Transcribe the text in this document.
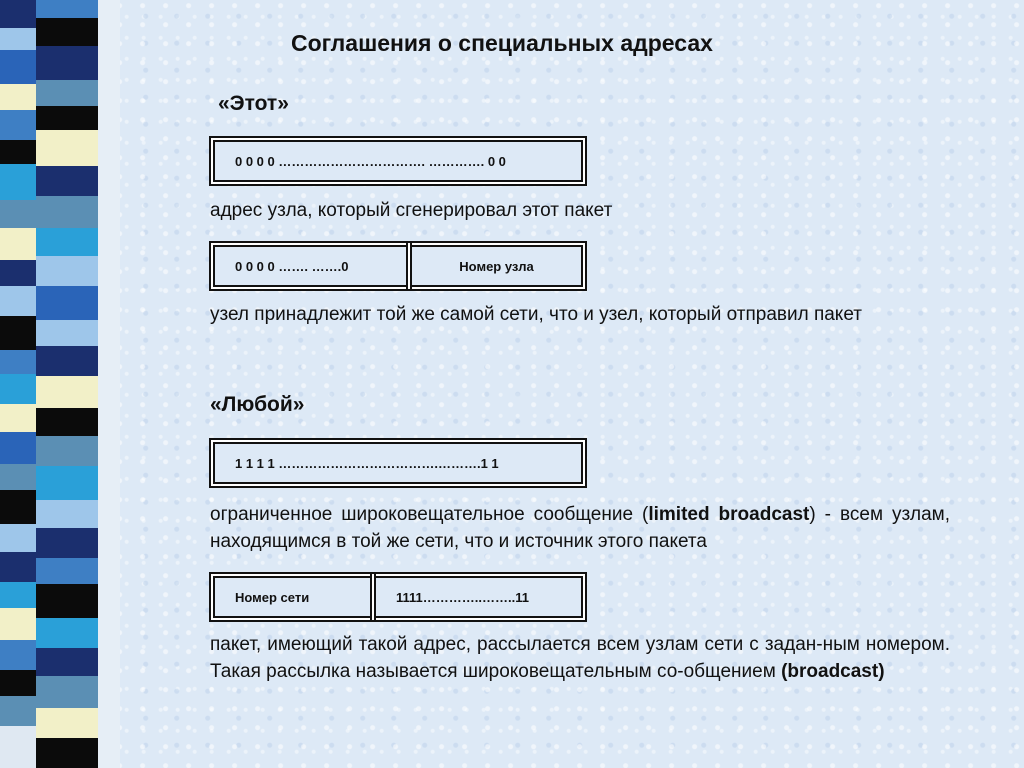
Соглашения о специальных адресах
«Этот»
0 0 0 0 ……………………………. …………. 0 0
адрес узла, который сгенерировал этот пакет
0 0 0 0 ……. …….0	Номер узла
узел принадлежит той же самой сети, что и узел, который отправил пакет
«Любой»
1 1 1 1 ……………………………….……….1 1
ограниченное широковещательное сообщение (limited broadcast) - всем узлам, находящимся в той же сети, что и источник этого пакета
Номер сети	1111…………..……..11
пакет, имеющий такой адрес, рассылается всем узлам сети с задан-ным номером. Такая рассылка называется широковещательным со-общением (broadcast)
